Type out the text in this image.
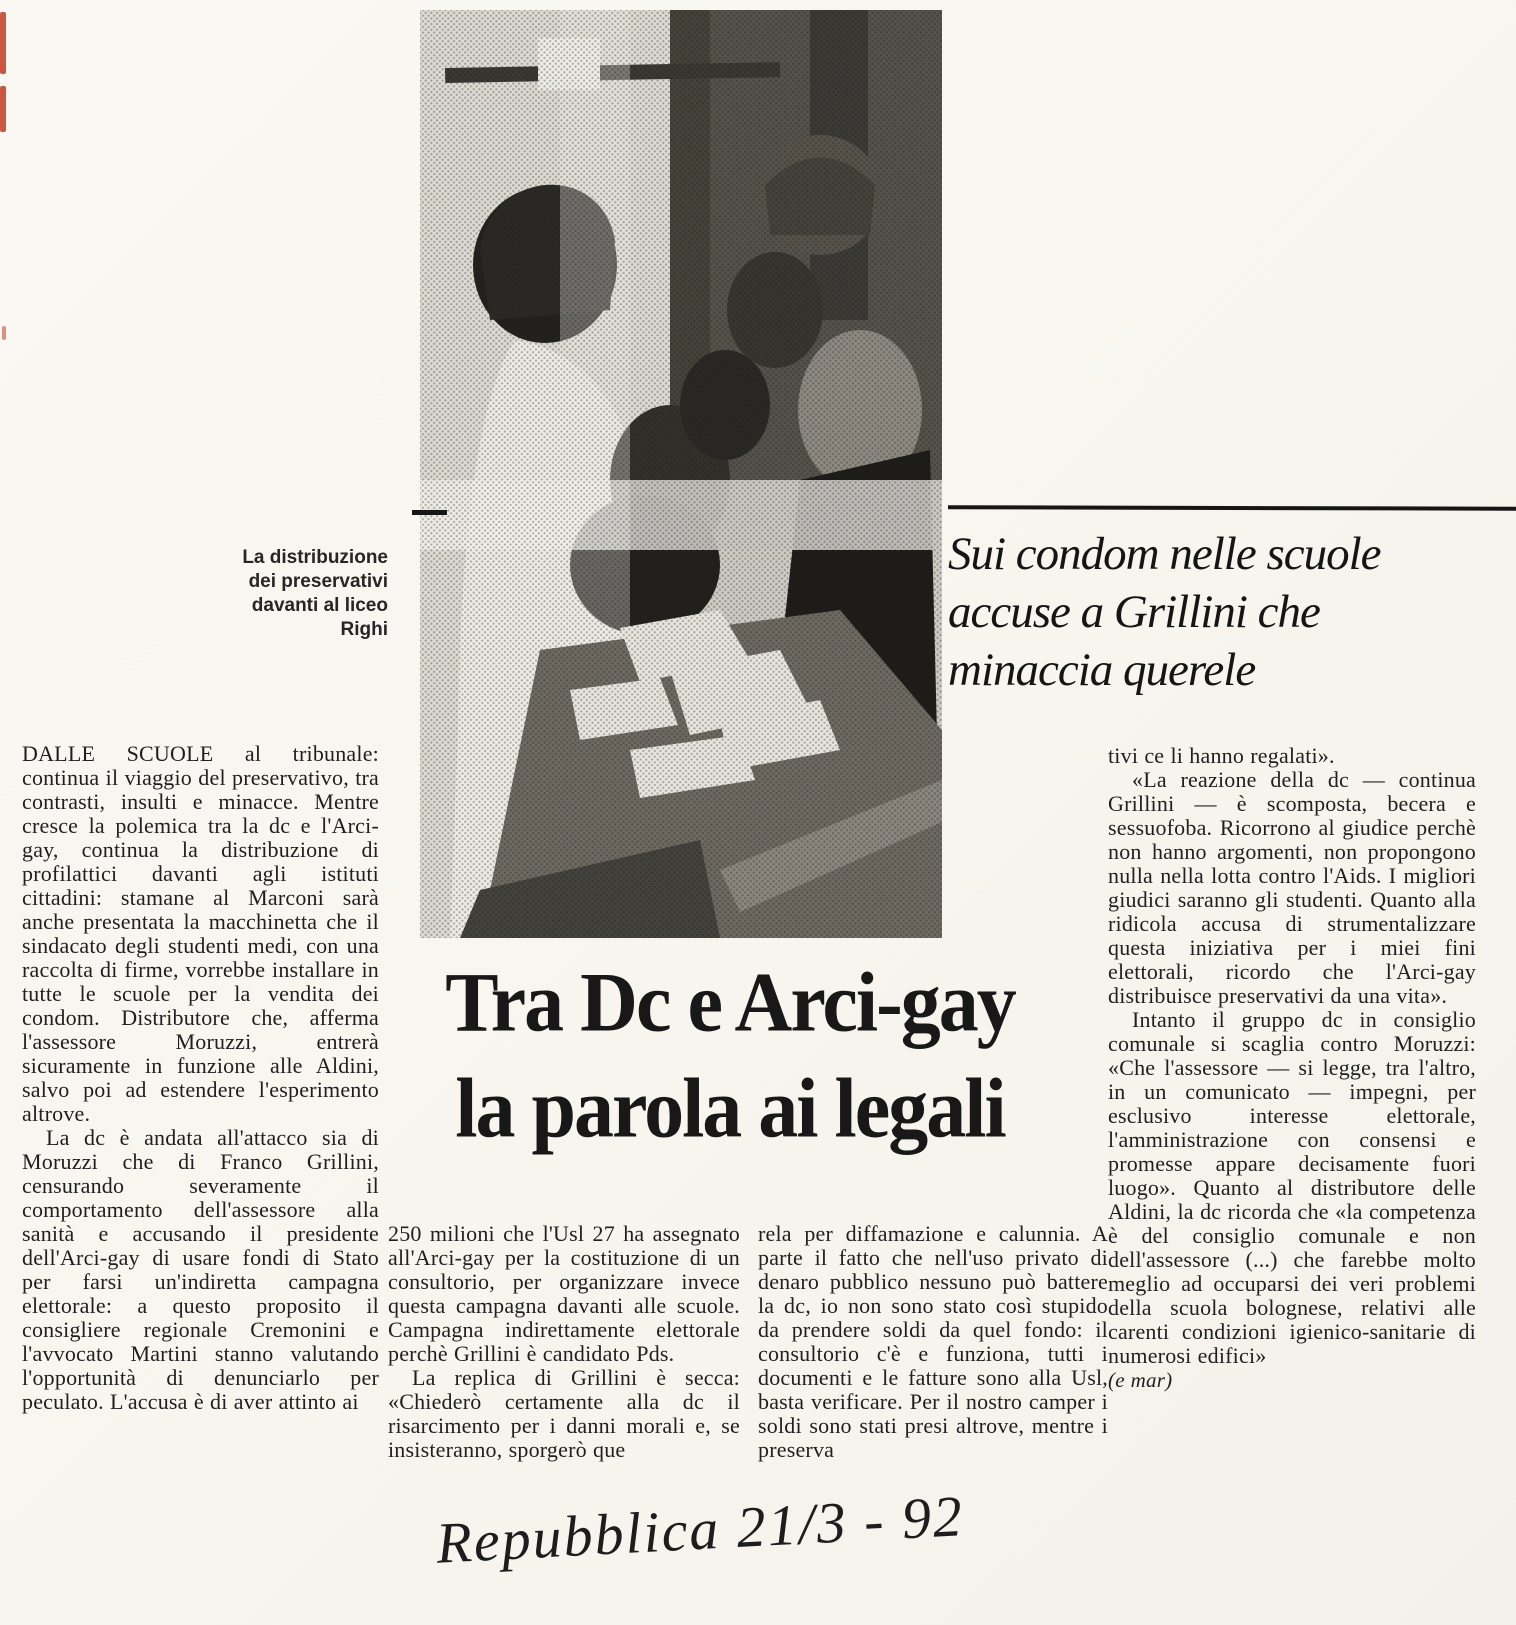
La distribuzione
dei preservativi
davanti al liceo
Righi
Sui condom nelle scuole
accuse a Grillini che
minaccia querele
Tra Dc e Arci-gay
la parola ai legali

DALLE SCUOLE al tribunale: continua il viaggio del preservativo, tra contrasti, insulti e minacce. Mentre cresce la polemica tra la dc e l'Arci-gay, continua la distribuzione di profilattici davanti agli istituti cittadini: stamane al Marconi sarà anche presentata la macchinetta che il sindacato degli studenti medi, con una raccolta di firme, vorrebbe installare in tutte le scuole per la vendita dei condom. Distributore che, afferma l'assessore Moruzzi, entrerà sicuramente in funzione alle Aldini, salvo poi ad estendere l'esperimento altrove.

La dc è andata all'attacco sia di Moruzzi che di Franco Grillini, censurando severamente il comportamento dell'assessore alla sanità e accusando il presidente dell'Arci-gay di usare fondi di Stato per farsi un'indiretta campagna elettorale: a questo proposito il consigliere regionale Cremonini e l'avvocato Martini stanno valutando l'opportunità di denunciarlo per peculato. L'accusa è di aver attinto ai

250 milioni che l'Usl 27 ha assegnato all'Arci-gay per la costituzione di un consultorio, per organizzare invece questa campagna davanti alle scuole. Campagna indirettamente elettorale perchè Grillini è candidato Pds.

La replica di Grillini è secca: «Chiederò certamente alla dc il risarcimento per i danni morali e, se insisteranno, sporgerò que

rela per diffamazione e calunnia. A parte il fatto che nell'uso privato di denaro pubblico nessuno può battere la dc, io non sono stato così stupido da prendere soldi da quel fondo: il consultorio c'è e funziona, tutti i documenti e le fatture sono alla Usl, basta verificare. Per il nostro camper i soldi sono stati presi altrove, mentre i preserva

tivi ce li hanno regalati».

«La reazione della dc — continua Grillini — è scomposta, becera e sessuofoba. Ricorrono al giudice perchè non hanno argomenti, non propongono nulla nella lotta contro l'Aids. I migliori giudici saranno gli studenti. Quanto alla ridicola accusa di strumentalizzare questa iniziativa per i miei fini elettorali, ricordo che l'Arci-gay distribuisce preservativi da una vita».

Intanto il gruppo dc in consiglio comunale si scaglia contro Moruzzi: «Che l'assessore — si legge, tra l'altro, in un comunicato — impegni, per esclusivo interesse elettorale, l'amministrazione con consensi e promesse appare decisamente fuori luogo». Quanto al distributore delle Aldini, la dc ricorda che «la competenza è del consiglio comunale e non dell'assessore (...) che farebbe molto meglio ad occuparsi dei veri problemi della scuola bolognese, relativi alle carenti condizioni igienico-sanitarie di numerosi edifici»

(e mar)

Repubblica 21/3 - 92
